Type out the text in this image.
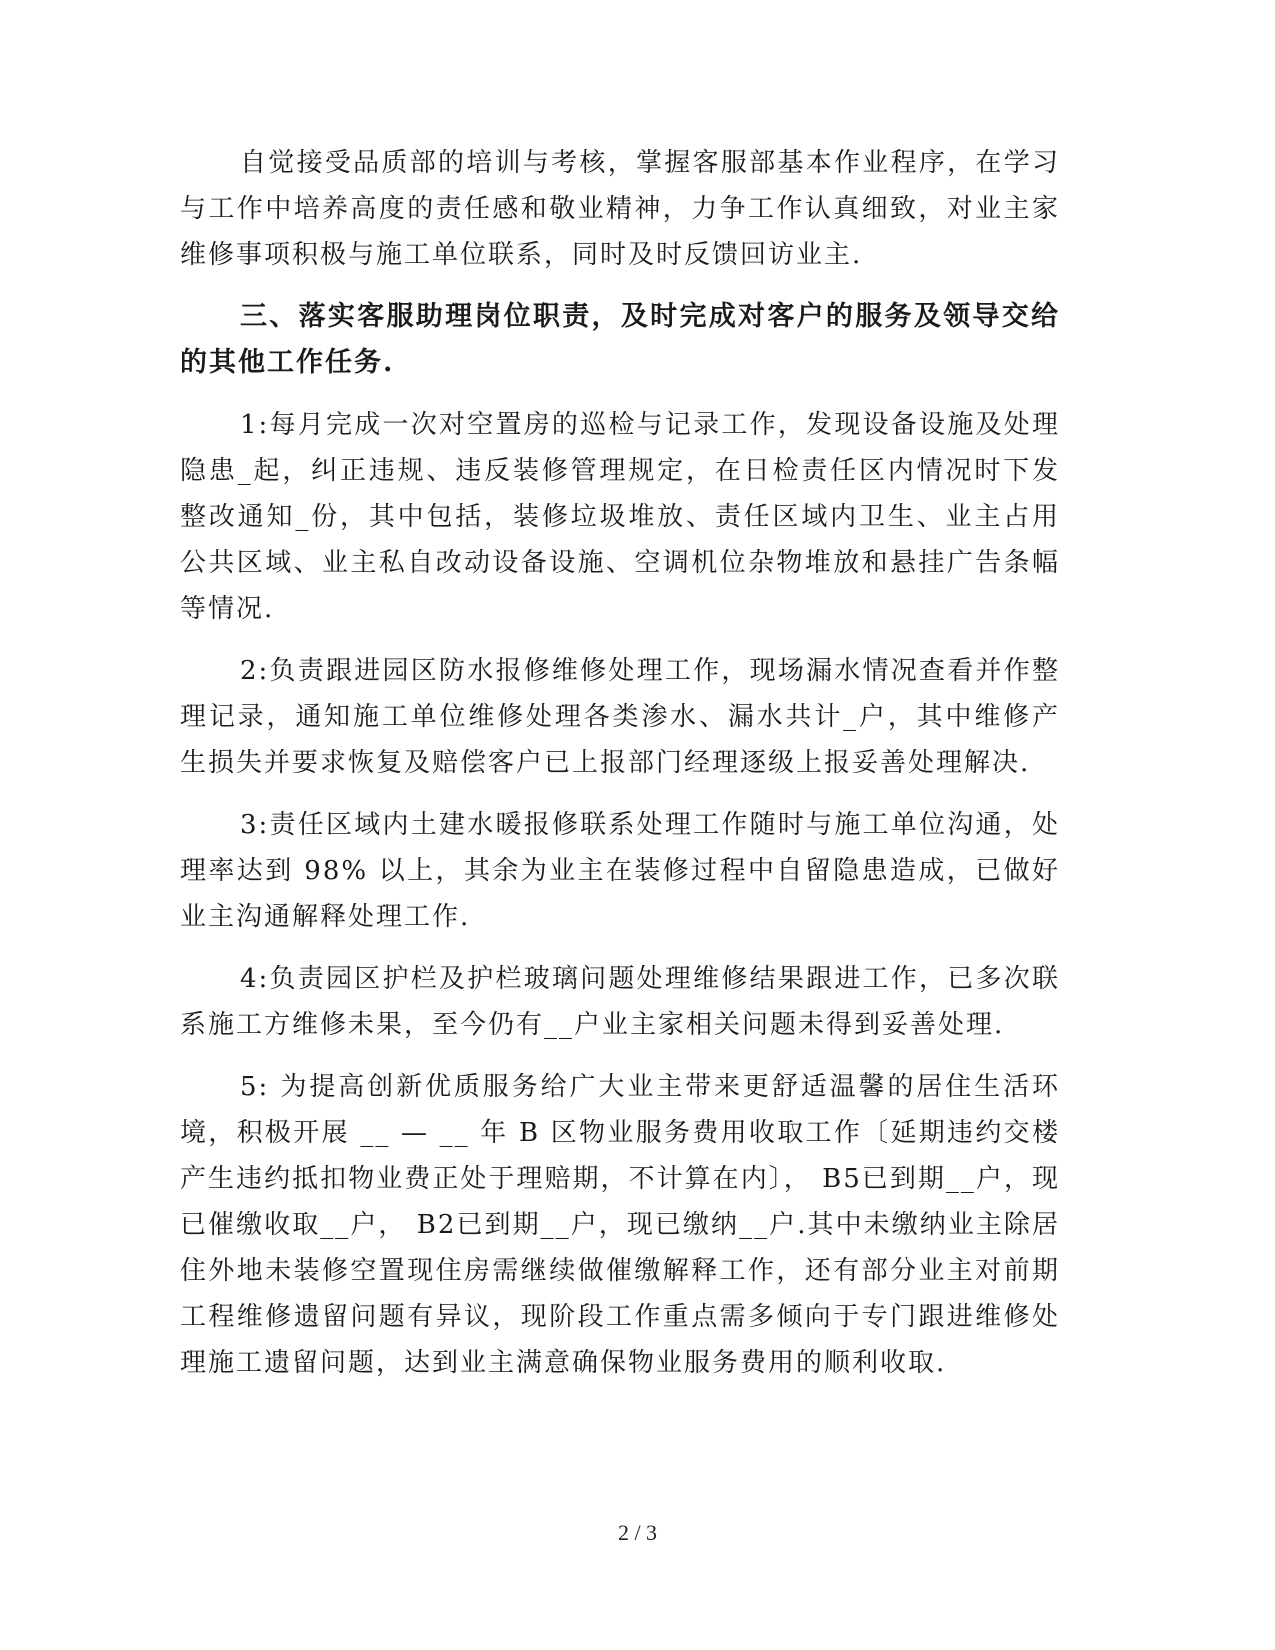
自觉接受品质部的培训与考核，掌握客服部基本作业程序，在学习与工作中培养高度的责任感和敬业精神，力争工作认真细致，对业主家维修事项积极与施工单位联系，同时及时反馈回访业主.

三、落实客服助理岗位职责，及时完成对客户的服务及领导交给的其他工作任务.

1:每月完成一次对空置房的巡检与记录工作，发现设备设施及处理隐患_起，纠正违规、违反装修管理规定，在日检责任区内情况时下发整改通知_份，其中包括，装修垃圾堆放、责任区域内卫生、业主占用公共区域、业主私自改动设备设施、空调机位杂物堆放和悬挂广告条幅等情况.

2:负责跟进园区防水报修维修处理工作，现场漏水情况查看并作整理记录，通知施工单位维修处理各类渗水、漏水共计_户，其中维修产生损失并要求恢复及赔偿客户已上报部门经理逐级上报妥善处理解决.

3:责任区域内土建水暖报修联系处理工作随时与施工单位沟通，处理率达到 98% 以上，其余为业主在装修过程中自留隐患造成，已做好业主沟通解释处理工作.

4:负责园区护栏及护栏玻璃问题处理维修结果跟进工作，已多次联系施工方维修未果，至今仍有__户业主家相关问题未得到妥善处理.

5: 为提高创新优质服务给广大业主带来更舒适温馨的居住生活环境，积极开展 __ — __ 年 B 区物业服务费用收取工作〔延期违约交楼产生违约抵扣物业费正处于理赔期，不计算在内〕， B5已到期__户，现已催缴收取__户， B2已到期__户，现已缴纳__户.其中未缴纳业主除居住外地未装修空置现住房需继续做催缴解释工作，还有部分业主对前期工程维修遗留问题有异议，现阶段工作重点需多倾向于专门跟进维修处理施工遗留问题，达到业主满意确保物业服务费用的顺利收取.

2 / 3
